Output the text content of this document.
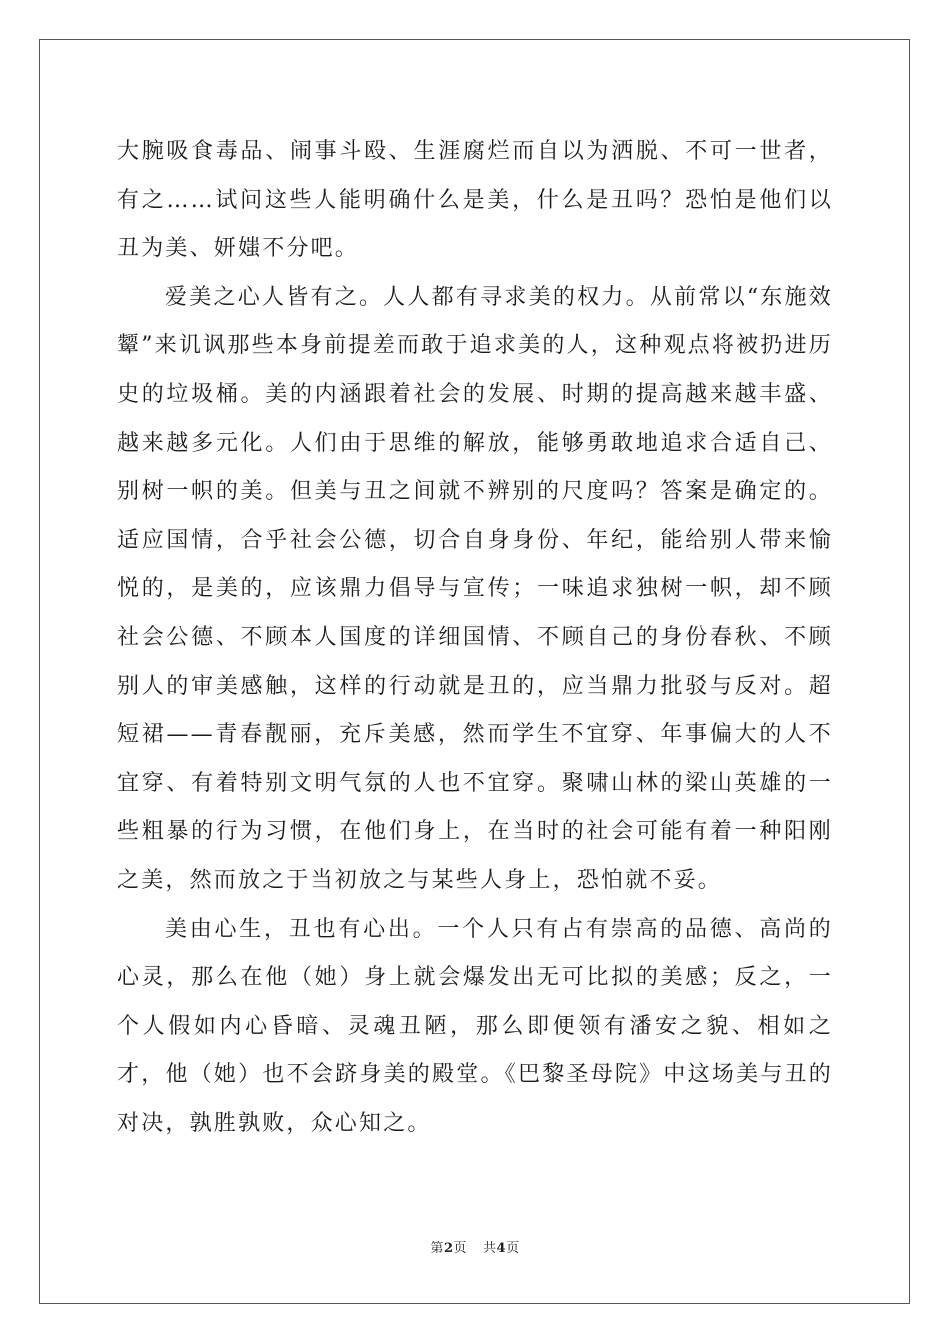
大腕吸食毒品、闹事斗殴、生涯腐烂而自以为洒脱、不可一世者，有之……试问这些人能明确什么是美，什么是丑吗？恐怕是他们以丑为美、妍媸不分吧。

爱美之心人皆有之。人人都有寻求美的权力。从前常以“东施效颦”来讥讽那些本身前提差而敢于追求美的人，这种观点将被扔进历史的垃圾桶。美的内涵跟着社会的发展、时期的提高越来越丰盛、越来越多元化。人们由于思维的解放，能够勇敢地追求合适自己、别树一帜的美。但美与丑之间就不辨别的尺度吗？答案是确定的。适应国情，合乎社会公德，切合自身身份、年纪，能给别人带来愉悦的，是美的，应该鼎力倡导与宣传；一味追求独树一帜，却不顾社会公德、不顾本人国度的详细国情、不顾自己的身份春秋、不顾别人的审美感触，这样的行动就是丑的，应当鼎力批驳与反对。超短裙——青春靓丽，充斥美感，然而学生不宜穿、年事偏大的人不宜穿、有着特别文明气氛的人也不宜穿。聚啸山林的梁山英雄的一些粗暴的行为习惯，在他们身上，在当时的社会可能有着一种阳刚之美，然而放之于当初放之与某些人身上，恐怕就不妥。

美由心生，丑也有心出。一个人只有占有崇高的品德、高尚的心灵，那么在他（她）身上就会爆发出无可比拟的美感；反之，一个人假如内心昏暗、灵魂丑陋，那么即便领有潘安之貌、相如之才，他（她）也不会跻身美的殿堂。《巴黎圣母院》中这场美与丑的对决，孰胜孰败，众心知之。

第2页 共4页
